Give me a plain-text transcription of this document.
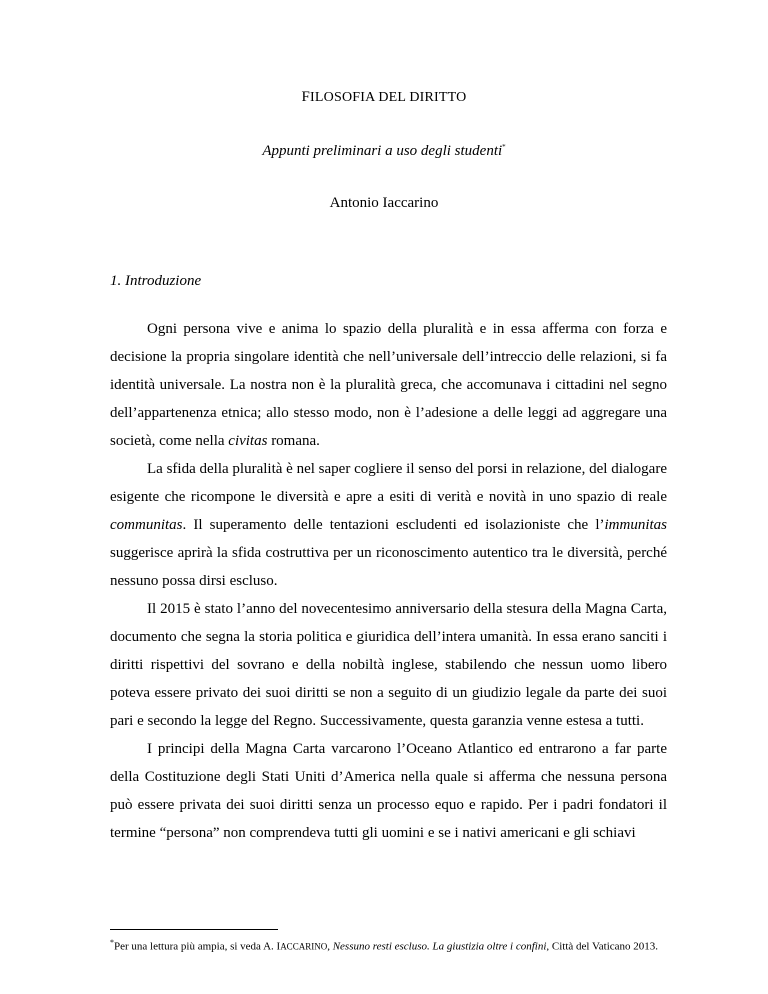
FILOSOFIA DEL DIRITTO
Appunti preliminari a uso degli studenti*
Antonio Iaccarino
1. Introduzione

Ogni persona vive e anima lo spazio della pluralità e in essa afferma con forza e decisione la propria singolare identità che nell’universale dell’intreccio delle relazioni, si fa identità universale. La nostra non è la pluralità greca, che accomunava i cittadini nel segno dell’appartenenza etnica; allo stesso modo, non è l’adesione a delle leggi ad aggregare una società, come nella civitas romana.

La sfida della pluralità è nel saper cogliere il senso del porsi in relazione, del dialogare esigente che ricompone le diversità e apre a esiti di verità e novità in uno spazio di reale communitas. Il superamento delle tentazioni escludenti ed isolazioniste che l’immunitas suggerisce aprirà la sfida costruttiva per un riconoscimento autentico tra le diversità, perché nessuno possa dirsi escluso.

Il 2015 è stato l’anno del novecentesimo anniversario della stesura della Magna Carta, documento che segna la storia politica e giuridica dell’intera umanità. In essa erano sanciti i diritti rispettivi del sovrano e della nobiltà inglese, stabilendo che nessun uomo libero poteva essere privato dei suoi diritti se non a seguito di un giudizio legale da parte dei suoi pari e secondo la legge del Regno. Successivamente, questa garanzia venne estesa a tutti.

I principi della Magna Carta varcarono l’Oceano Atlantico ed entrarono a far parte della Costituzione degli Stati Uniti d’America nella quale si afferma che nessuna persona può essere privata dei suoi diritti senza un processo equo e rapido. Per i padri fondatori il termine “persona” non comprendeva tutti gli uomini e se i nativi americani e gli schiavi

*Per una lettura più ampia, si veda A. IACCARINO, Nessuno resti escluso. La giustizia oltre i confini, Città del Vaticano 2013.
